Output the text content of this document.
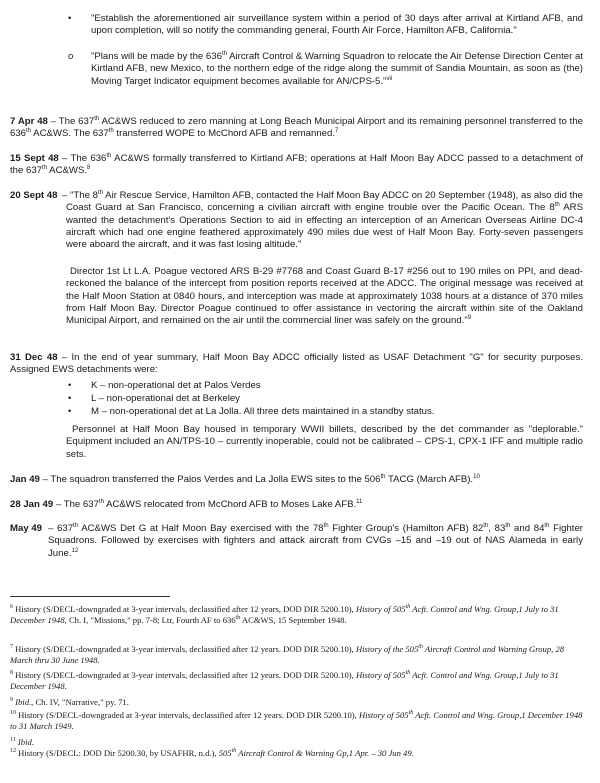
•	"Establish the aforementioned air surveillance system within a period of 30 days after arrival at Kirtland AFB, and upon completion, will so notify the commanding general, Fourth Air Force, Hamilton AFB, California."

o	"Plans will be made by the 636th Aircraft Control & Warning Squadron to relocate the Air Defense Direction Center at Kirtland AFB, new Mexico, to the northern edge of the ridge along the summit of Sandia Mountain, as soon as (the) Moving Target Indicator equipment becomes available for AN/CPS-5."$^{vii}$

7 Apr 48 – The 637th AC&WS reduced to zero manning at Long Beach Municipal Airport and its remaining personnel transferred to the 636th AC&WS. The 637th transferred WOPE to McChord AFB and remanned.$^7$

15 Sept 48 – The 636th AC&WS formally transferred to Kirtland AFB; operations at Half Moon Bay ADCC passed to a detachment of the 637th AC&WS.$^8$

20 Sept 48 – "The 8th Air Rescue Service, Hamilton AFB, contacted the Half Moon Bay ADCC on 20 September (1948), as also did the Coast Guard at San Francisco, concerning a civilian aircraft with engine trouble over the Pacific Ocean. The 8th ARS wanted the detachment's Operations Section to aid in effecting an interception of an American Overseas Airline DC-4 aircraft which had one engine feathered approximately 490 miles due west of Half Moon Bay. Forty-seven passengers were aboard the aircraft, and it was fast losing altitude."

Director 1st Lt L.A. Poague vectored ARS B-29 #7768 and Coast Guard B-17 #256 out to 190 miles on PPI, and dead-reckoned the balance of the intercept from position reports received at the ADCC. The original message was received at the Half Moon Station at 0840 hours, and interception was made at approximately 1038 hours at a distance of 370 miles from Half Moon Bay. Director Poague continued to offer assistance in vectoring the aircraft within site of the Oakland Municipal Airport, and remained on the air until the commercial liner was safely on the ground."$^9$

31 Dec 48 – In the end of year summary, Half Moon Bay ADCC officially listed as USAF Detachment "G" for security purposes. Assigned EWS detachments were:

•	K – non-operational det at Palos Verdes

•	L – non-operational det at Berkeley

•	M – non-operational det at La Jolla. All three dets maintained in a standby status.

Personnel at Half Moon Bay housed in temporary WWII billets, described by the det commander as "deplorable." Equipment included an AN/TPS-10 – currently inoperable, could not be calibrated – CPS-1, CPX-1 IFF and multiple radio sets.

Jan 49 – The squadron transferred the Palos Verdes and La Jolla EWS sites to the 506th TACG (March AFB).$^{10}$

28 Jan 49 – The 637th AC&WS relocated from McChord AFB to Moses Lake AFB.$^{11}$

May 49 – 637th AC&WS Det G at Half Moon Bay exercised with the 78th Fighter Group's (Hamilton AFB) 82th, 83th and 84th Fighter Squadrons. Followed by exercises with fighters and attack aircraft from CVGs –15 and –19 out of NAS Alameda in early June.$^{12}$

$^6$ History (S/DECL-downgraded at 3-year intervals, declassified after 12 years, DOD DIR 5200.10), History of 505th Acft. Control and Wng. Group,1 July to 31 December 1948, Ch. I, "Missions," pp. 7-8; Ltr, Fourth AF to 636th AC&WS, 15 September 1948.

$^7$ History (S/DECL-downgraded at 3-year intervals, declassified after 12 years. DOD DIR 5200.10), History of the 505th Aircraft Control and Warning Group, 28 March thru 30 June 1948.

$^8$ History (S/DECL-downgraded at 3-year intervals, declassified after 12 years. DOD DIR 5200.10), History of 505th Acft. Control and Wng. Group,1 July to 31 December 1948.

$^9$ Ibid., Ch. IV, "Narrative," py. 71.

$^{10}$ History (S/DECL-downgraded at 3-year intervals, declassified after 12 years. DOD DIR 5200.10), History of 505th Acft. Control and Wng. Group,1 December 1948 to 31 March 1949.

$^{11}$ Ibid.

$^{12}$ History (S/DECL: DOD Dir 5200.30, by USAFHR, n.d.), 505th Aircraft Control & Warning Gp,1 Apr. – 30 Jun 49.
